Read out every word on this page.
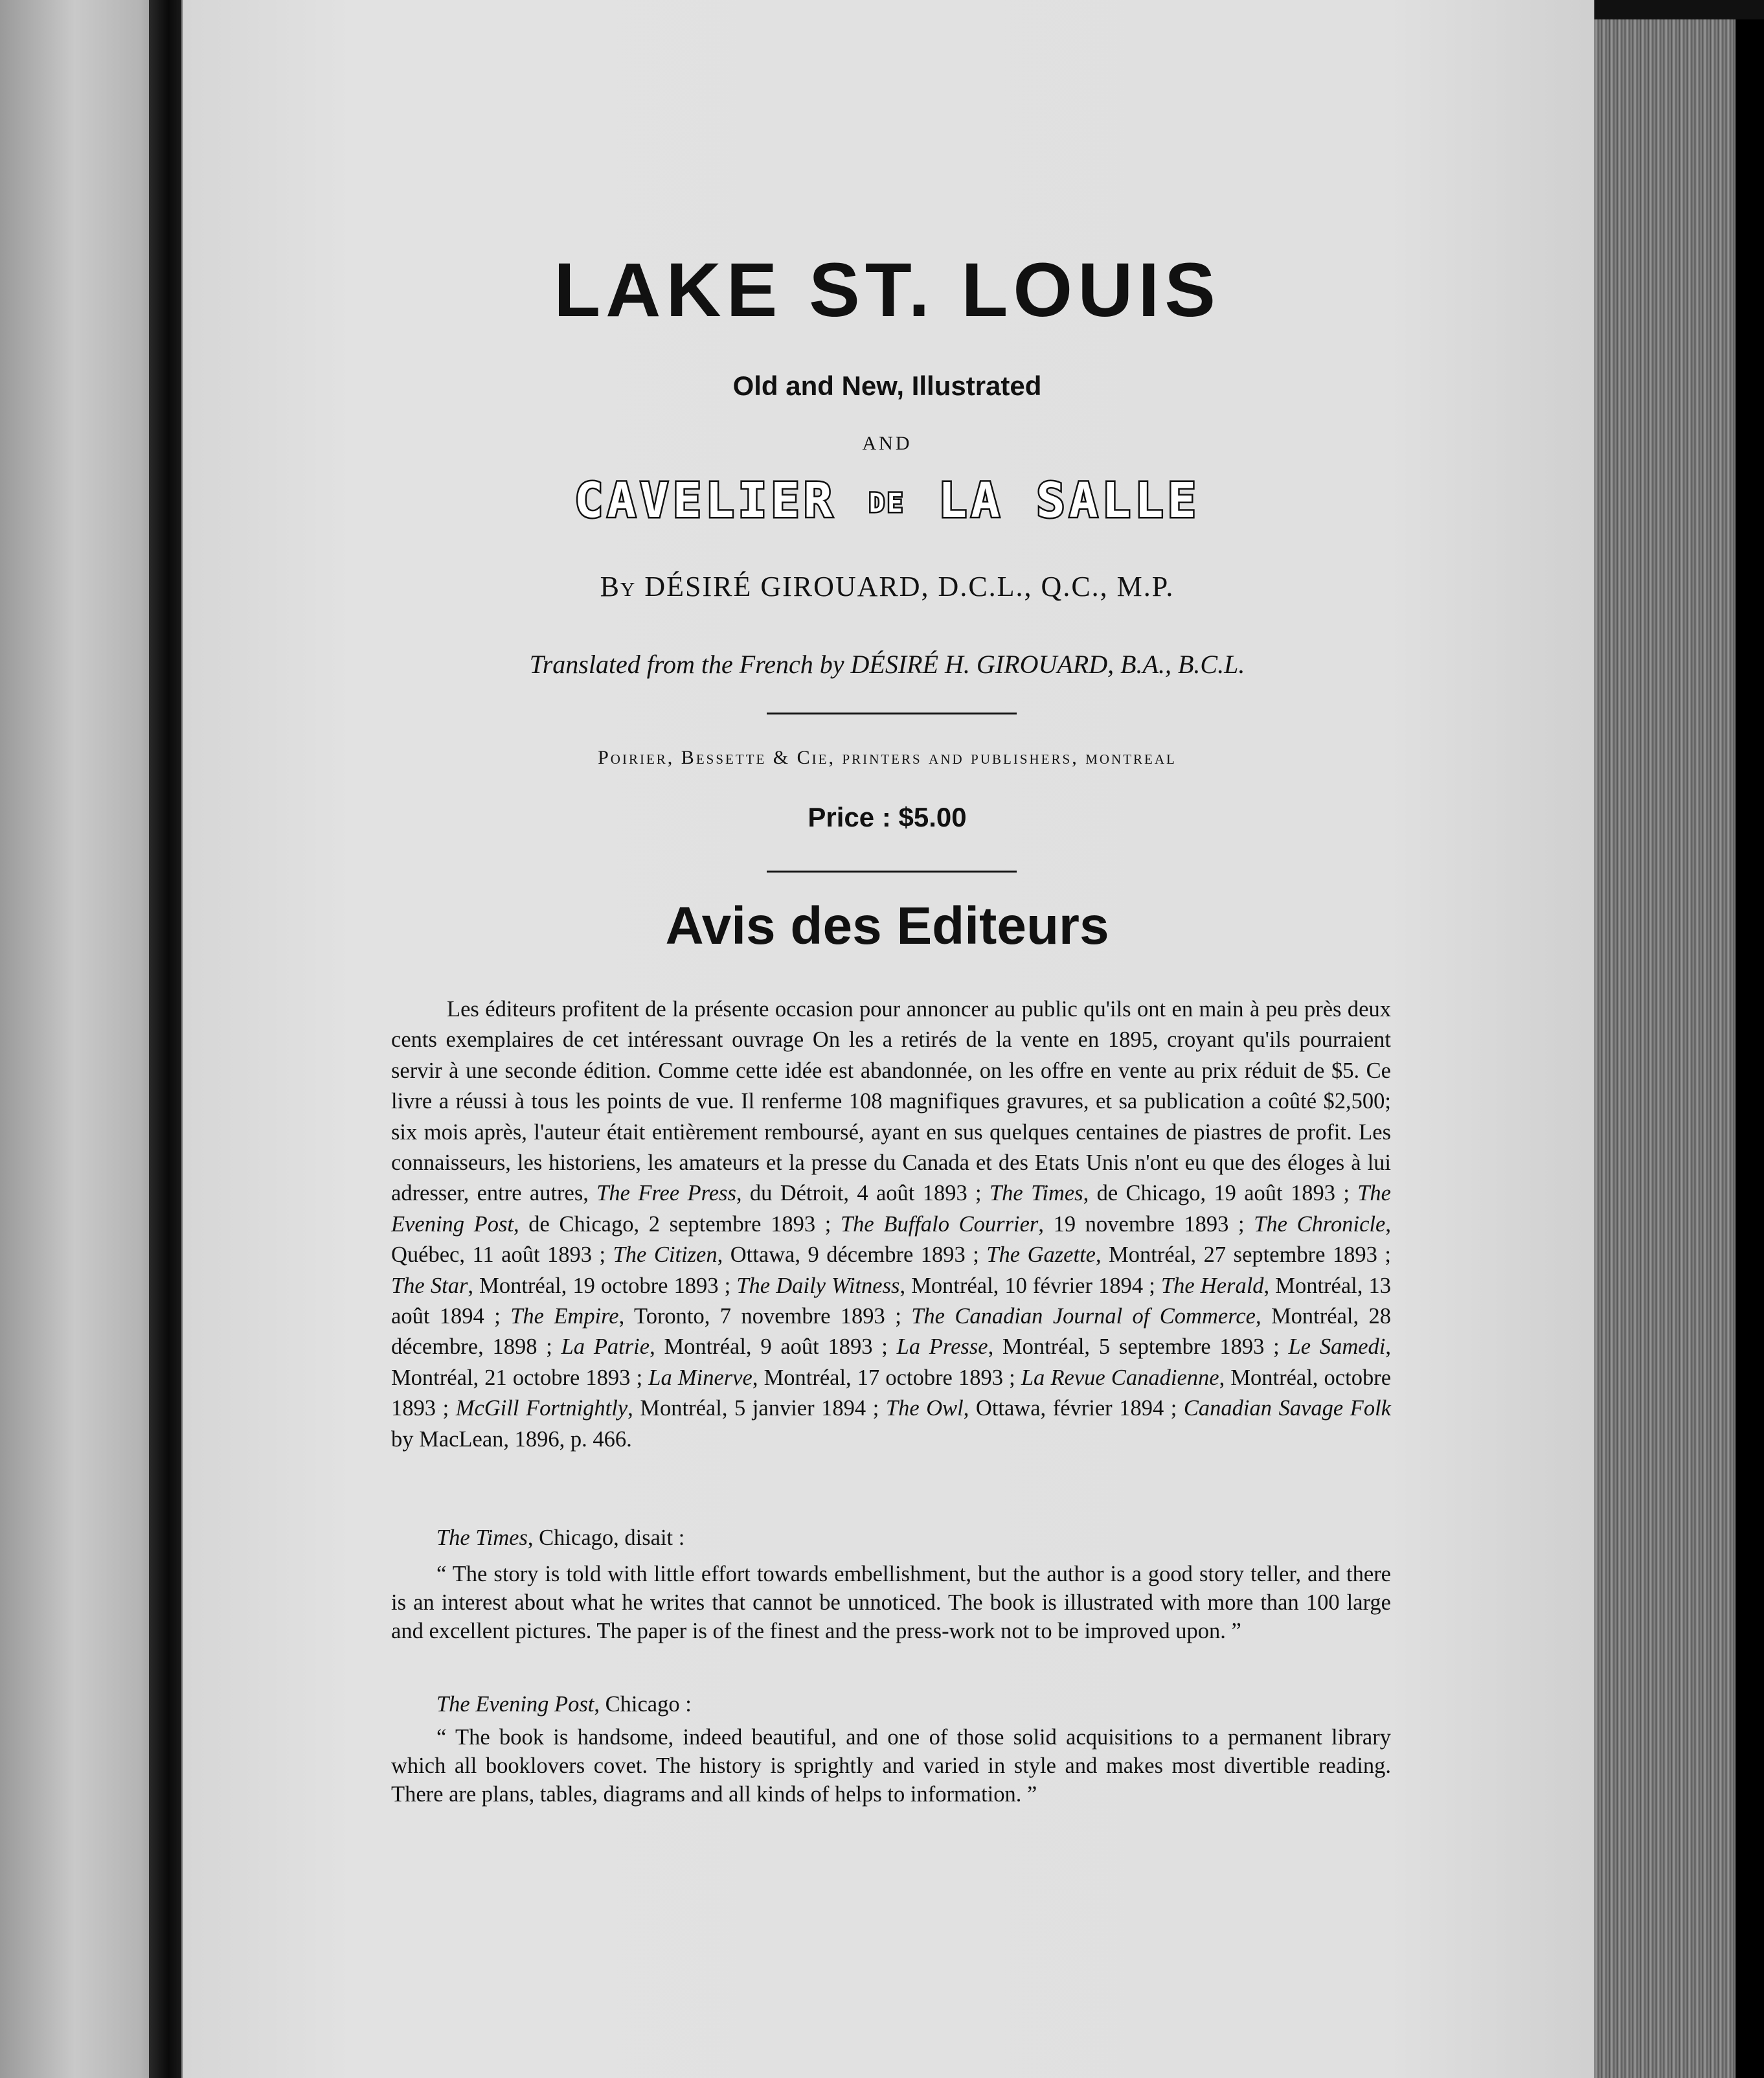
LAKE ST. LOUIS
Old and New, Illustrated
AND
CAVELIER DE LA SALLE
By DÉSIRÉ GIROUARD, D.C.L., Q.C., M.P.
Translated from the French by DÉSIRÉ H. GIROUARD, B.A., B.C.L.
Poirier, Bessette & Cie, printers and publishers, montreal
Price : $5.00
Avis des Editeurs
Les éditeurs profitent de la présente occasion pour annoncer au public qu'ils ont en main à peu près deux cents exemplaires de cet intéressant ouvrage On les a retirés de la vente en 1895, croyant qu'ils pourraient servir à une seconde édition. Comme cette idée est abandonnée, on les offre en vente au prix réduit de $5. Ce livre a réussi à tous les points de vue. Il renferme 108 magnifiques gravures, et sa publication a coûté $2,500; six mois après, l'auteur était entièrement remboursé, ayant en sus quelques centaines de piastres de profit. Les connaisseurs, les historiens, les amateurs et la presse du Canada et des Etats Unis n'ont eu que des éloges à lui adresser, entre autres, The Free Press, du Détroit, 4 août 1893 ; The Times, de Chicago, 19 août 1893 ; The Evening Post, de Chicago, 2 septembre 1893 ; The Buffalo Courrier, 19 novembre 1893 ; The Chronicle, Québec, 11 août 1893 ; The Citizen, Ottawa, 9 décembre 1893 ; The Gazette, Montréal, 27 septembre 1893 ; The Star, Montréal, 19 octobre 1893 ; The Daily Witness, Montréal, 10 février 1894 ; The Herald, Montréal, 13 août 1894 ; The Empire, Toronto, 7 novembre 1893 ; The Canadian Journal of Commerce, Montréal, 28 décembre, 1898 ; La Patrie, Montréal, 9 août 1893 ; La Presse, Montréal, 5 septembre 1893 ; Le Samedi, Montréal, 21 octobre 1893 ; La Minerve, Montréal, 17 octobre 1893 ; La Revue Canadienne, Montréal, octobre 1893 ; McGill Fortnightly, Montréal, 5 janvier 1894 ; The Owl, Ottawa, février 1894 ; Canadian Savage Folk by MacLean, 1896, p. 466.
The Times, Chicago, disait :
“ The story is told with little effort towards embellishment, but the author is a good story teller, and there is an interest about what he writes that cannot be unnoticed. The book is illustrated with more than 100 large and excellent pictures. The paper is of the finest and the press-work not to be improved upon. ”
The Evening Post, Chicago :
“ The book is handsome, indeed beautiful, and one of those solid acquisitions to a permanent library which all booklovers covet. The history is sprightly and varied in style and makes most divertible reading. There are plans, tables, diagrams and all kinds of helps to information. ”
